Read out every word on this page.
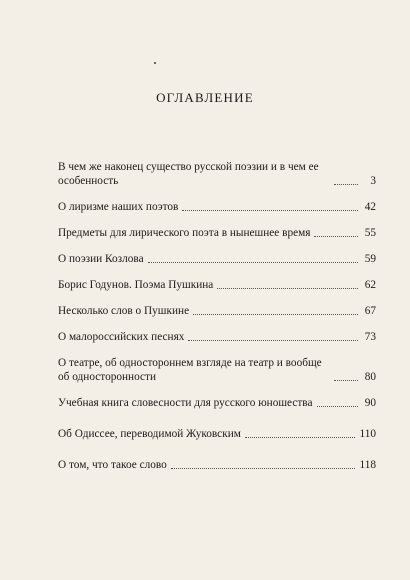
ОГЛАВЛЕНИЕ
В чем же наконец существо русской поэзии и в чем ее особенность	3
О лиризме наших поэтов	42
Предметы для лирического поэта в нынешнее время	55
О поэзии Козлова	59
Борис Годунов. Поэма Пушкина	62
Несколько слов о Пушкине	67
О малороссийских песнях	73
О театре, об одностороннем взгляде на театр и вообще об односторонности	80
Учебная книга словесности для русского юношества	90
Об Одиссее, переводимой Жуковским	110
О том, что такое слово	118
